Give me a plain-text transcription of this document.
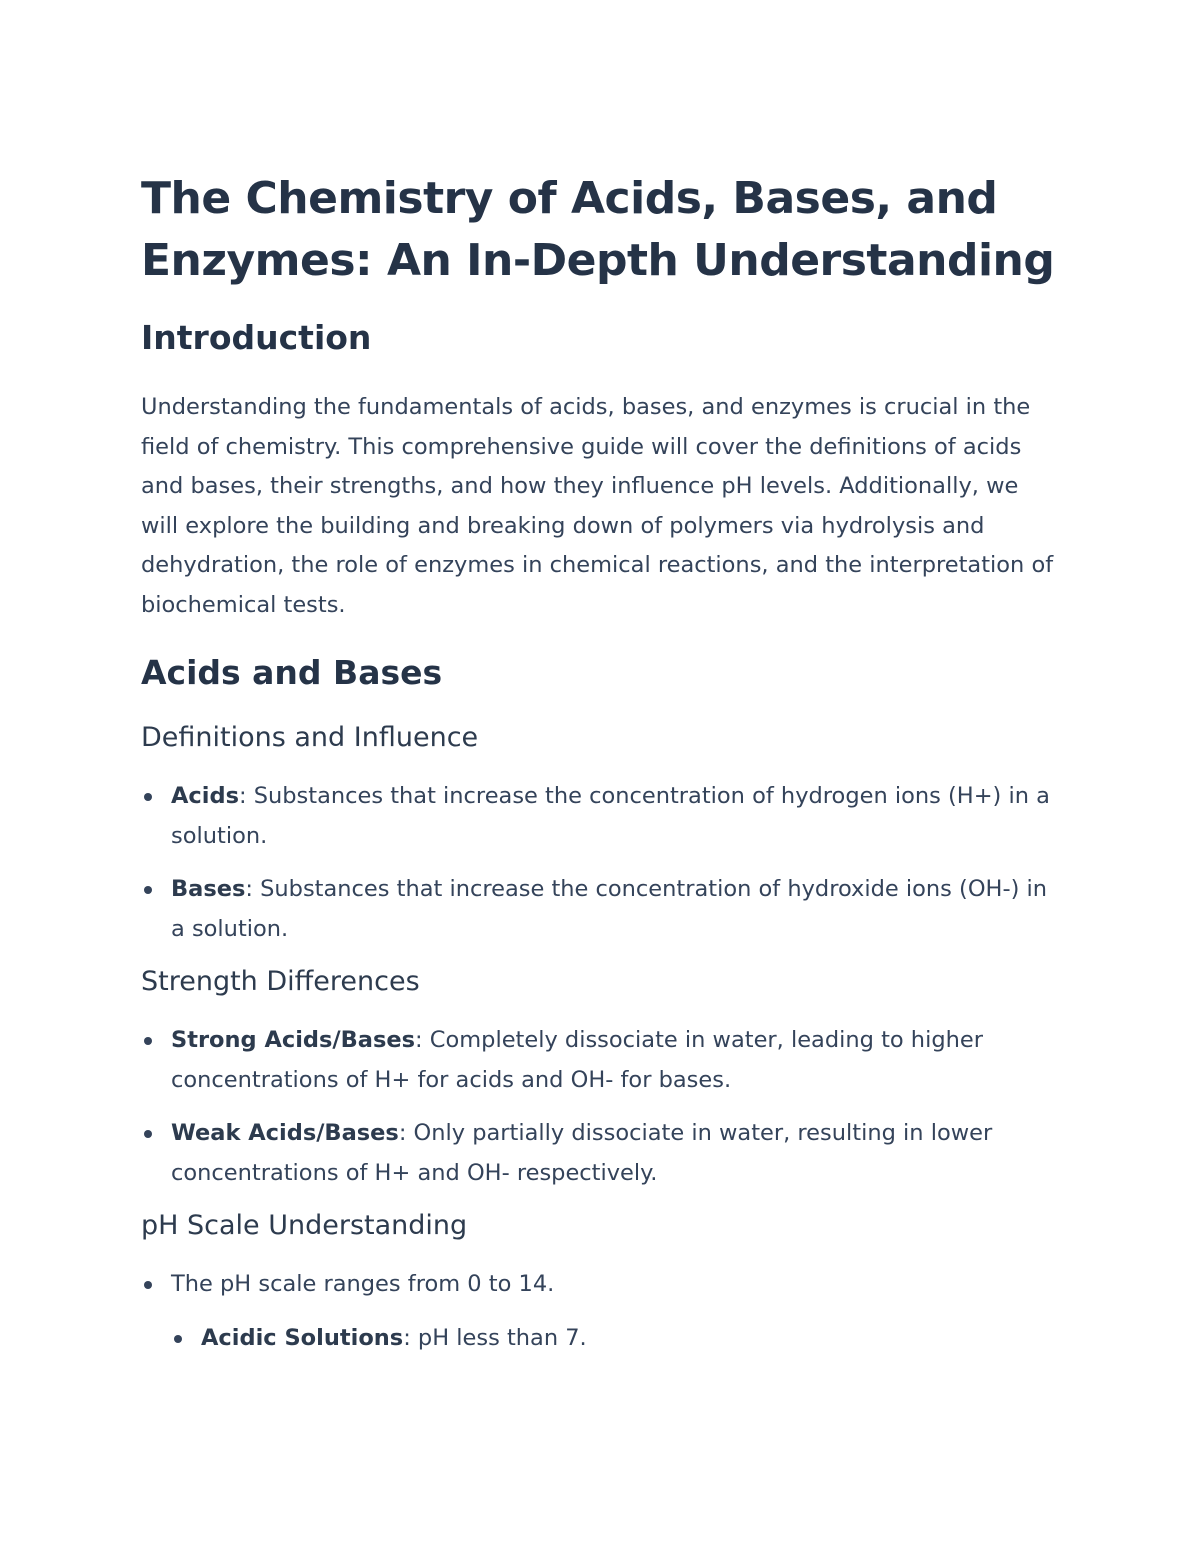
The Chemistry of Acids, Bases, and Enzymes: An In-Depth Understanding
Introduction

Understanding the fundamentals of acids, bases, and enzymes is crucial in the field of chemistry. This comprehensive guide will cover the definitions of acids and bases, their strengths, and how they influence pH levels. Additionally, we will explore the building and breaking down of polymers via hydrolysis and dehydration, the role of enzymes in chemical reactions, and the interpretation of biochemical tests.

Acids and Bases
Definitions and Influence
Acids: Substances that increase the concentration of hydrogen ions (H+) in a solution.
Bases: Substances that increase the concentration of hydroxide ions (OH-) in a solution.
Strength Differences
Strong Acids/Bases: Completely dissociate in water, leading to higher concentrations of H+ for acids and OH- for bases.
Weak Acids/Bases: Only partially dissociate in water, resulting in lower concentrations of H+ and OH- respectively.
pH Scale Understanding
The pH scale ranges from 0 to 14.
Acidic Solutions: pH less than 7.
